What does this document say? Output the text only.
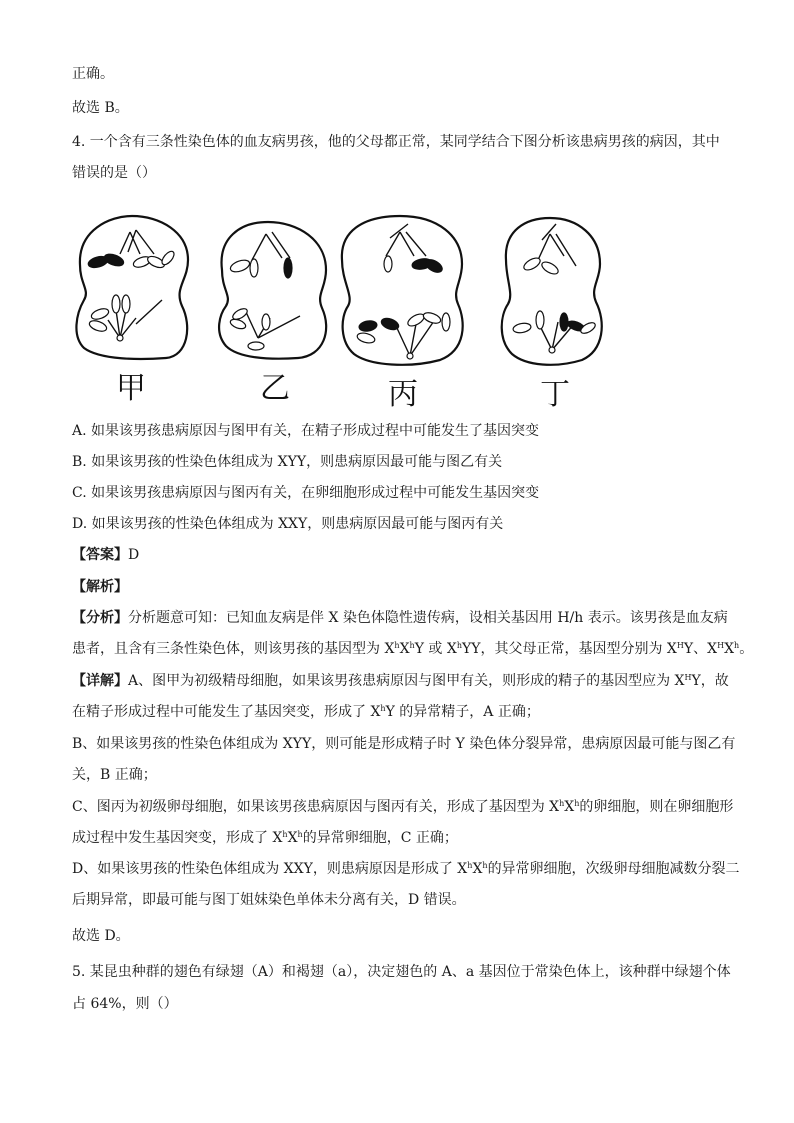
正确。
故选 B。
4. 一个含有三条性染色体的血友病男孩，他的父母都正常，某同学结合下图分析该患病男孩的病因，其中
错误的是（）
甲	乙	丙	丁
A. 如果该男孩患病原因与图甲有关，在精子形成过程中可能发生了基因突变
B. 如果该男孩的性染色体组成为 XYY，则患病原因最可能与图乙有关
C. 如果该男孩患病原因与图丙有关，在卵细胞形成过程中可能发生基因突变
D. 如果该男孩的性染色体组成为 XXY，则患病原因最可能与图丙有关
【答案】D
【解析】
【分析】分析题意可知：已知血友病是伴 X 染色体隐性遗传病，设相关基因用 H/h 表示。该男孩是血友病
患者，且含有三条性染色体，则该男孩的基因型为 $X^hX^hY$ 或 $X^hYY$，其父母正常，基因型分别为 $X^HY$、$X^HX^h$。
【详解】A、图甲为初级精母细胞，如果该男孩患病原因与图甲有关，则形成的精子的基因型应为 $X^HY$，故
在精子形成过程中可能发生了基因突变，形成了 $X^hY$ 的异常精子，A 正确；
B、如果该男孩的性染色体组成为 XYY，则可能是形成精子时 Y 染色体分裂异常，患病原因最可能与图乙有
关，B 正确；
C、图丙为初级卵母细胞，如果该男孩患病原因与图丙有关，形成了基因型为 $X^hX^h$的卵细胞，则在卵细胞形
成过程中发生基因突变，形成了 $X^hX^h$的异常卵细胞，C 正确；
D、如果该男孩的性染色体组成为 XXY，则患病原因是形成了 $X^hX^h$的异常卵细胞，次级卵母细胞减数分裂二
后期异常，即最可能与图丁姐妹染色单体未分离有关，D 错误。
故选 D。
5. 某昆虫种群的翅色有绿翅（A）和褐翅（a），决定翅色的 A、a 基因位于常染色体上，该种群中绿翅个体
占 64%，则（）
